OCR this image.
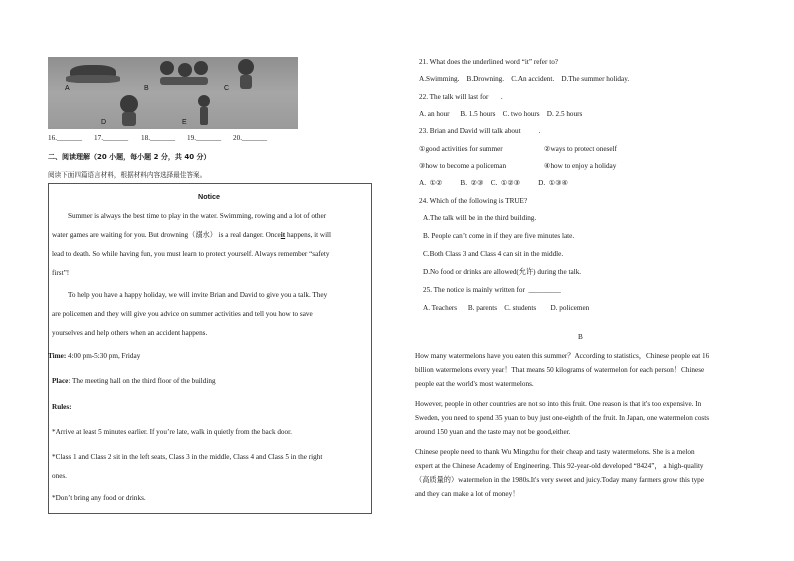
A	B	C
D	E
16._______ 17._______ 18._______ 19._______ 20._______
二、阅读理解（20 小题，每小题 2 分，共 40 分）
阅读下面四篇语言材料，根据材料内容选择最佳答案。
Notice
Summer is always the best time to play in the water. Swimming, rowing and a lot of other
water games are waiting for you. But drowning（溺水） is a real danger. Onceit happens, it will
lead to death. So while having fun, you must learn to protect yourself. Always remember “safety
first”!
To help you have a happy holiday, we will invite Brian and David to give you a talk. They
are policemen and they will give you advice on summer activities and tell you how to save
yourselves and help others when an accident happens.
Time: 4:00 pm-5:30 pm, Friday
Place: The meeting hall on the third floor of the building
Rules:
*Arrive at least 5 minutes earlier. If you’re late, walk in quietly from the back door.
*Class 1 and Class 2 sit in the left seats, Class 3 in the middle, Class 4 and Class 5 in the right
ones.
*Don’t bring any food or drinks.
21. What does the underlined word “it” refer to?
A.Swimming.    B.Drowning.    C.An accident.    D.The summer holiday.
22. The talk will last for       .
A. an hour      B. 1.5 hours    C. two hours    D. 2.5 hours
23. Brian and David will talk about          .
①good activities for summer	②ways to protect oneself
③how to become a policeman	④how to enjoy a holiday
A.  ①②          B.  ②③    C.  ①②③          D.  ①③④
24. Which of the following is TRUE?
A.The talk will be in the third building.
B. People can’t come in if they are five minutes late.
C.Both Class 3 and Class 4 can sit in the middle.
D.No food or drinks are allowed(允许) during the talk.
25. The notice is mainly written for  _________
A. Teachers      B. parents    C. students        D. policemen
B
How many watermelons have you eaten this summer？According to statistics，Chinese people eat 16
billion watermelons every year！That means 50 kilograms of watermelon for each person！Chinese
people eat the world's most watermelons.
However, people in other countries are not so into this fruit. One reason is that it's too expensive. In
Sweden, you need to spend 35 yuan to buy just one-eighth of the fruit. In Japan, one watermelon costs
around 150 yuan and the taste may not be good,either.
Chinese people need to thank Wu Mingzhu for their cheap and tasty watermelons. She is a melon
expert at the Chinese Academy of Engineering. This 92-year-old developed “8424”， a high-quality
（高质量的）watermelon in the 1980s.It's very sweet and juicy.Today many farmers grow this type
and they can make a lot of money！
